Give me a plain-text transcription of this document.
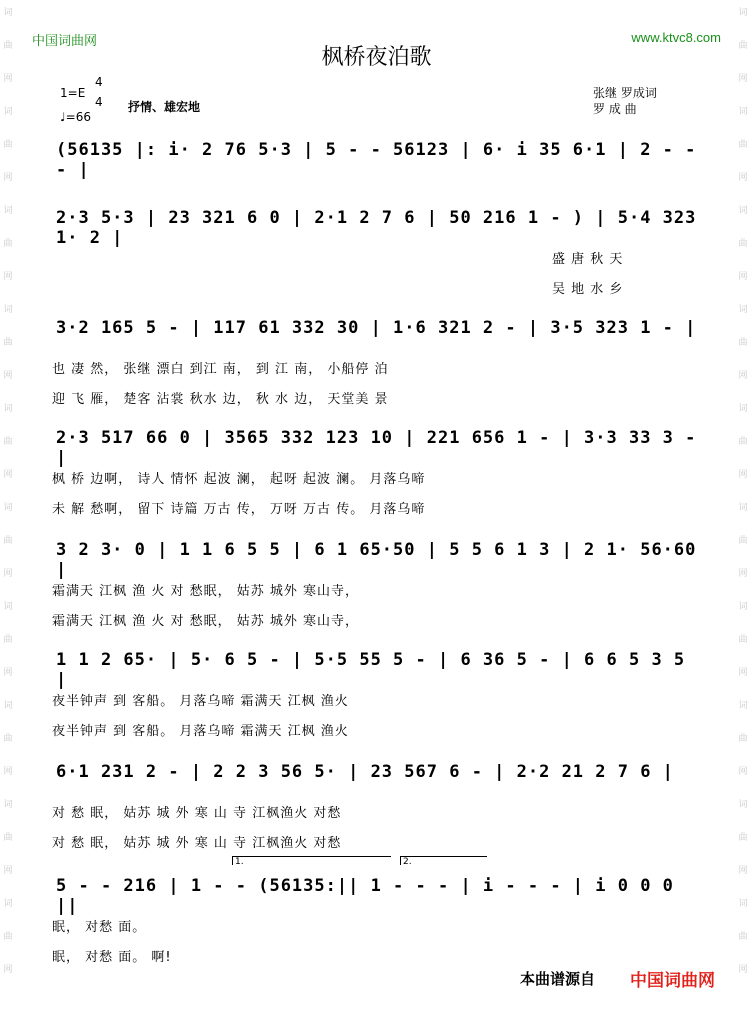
词
曲
网
词
曲
网
词
曲
网
词
曲
网
词
曲
网
词
曲
网
词
曲
网
词
曲
网
词
曲
网
词
曲
网
词
曲
网
词
曲
网
词
曲
网
词
曲
网
词
曲
网
词
曲
网
词
曲
网
词
曲
网
词
曲
网
词
曲
网
中国词曲网	www.ktvc8.com
枫桥夜泊歌
1=E
4
4
♩=66
抒情、雄宏地
张继 罗成词
罗 成 曲
(56135 |: i· 2 76 5·3 | 5 - - 56123 | 6· i 35 6·1 | 2 - - - |
2·3 5·3 | 23 321 6 0 | 2·1 2 7 6 | 50 216 1 - ) | 5·4 323 1· 2 |
盛 唐 秋 天
吴 地 水 乡
3·2 165 5 - | 117 61 332 30 | 1·6 321 2 - | 3·5 323 1 - |
也 凄 然， 张继 漂白 到江 南， 到 江 南， 小船停 泊
迎 飞 雁， 楚客 沾裳 秋水 边， 秋 水 边， 天堂美 景
2·3 517 66 0 | 3565 332 123 10 | 221 656 1 - | 3·3 33 3 - |
枫 桥 边啊， 诗人 情怀 起波 澜， 起呀 起波 澜。 月落乌啼
未 解 愁啊， 留下 诗篇 万古 传， 万呀 万古 传。 月落乌啼
3 2 3· 0 | 1 1 6 5 5 | 6 1 65·50 | 5 5 6 1 3 | 2 1· 56·60 |
霜满天 江枫 渔 火 对 愁眠， 姑苏 城外 寒山寺，
霜满天 江枫 渔 火 对 愁眠， 姑苏 城外 寒山寺，
1 1 2 65· | 5· 6 5 - | 5·5 55 5 - | 6 36 5 - | 6 6 5 3 5 |
夜半钟声 到 客船。 月落乌啼 霜满天 江枫 渔火
夜半钟声 到 客船。 月落乌啼 霜满天 江枫 渔火
6·1 231 2 - | 2 2 3 56 5· | 23 567 6 - | 2·2 21 2 7 6 |
对 愁 眠， 姑苏 城 外 寒 山 寺 江枫渔火 对愁
对 愁 眠， 姑苏 城 外 寒 山 寺 江枫渔火 对愁
5 - - 216 | 1 - - (56135:|| 1 - - - | i - - - | i 0 0 0 ||
眠， 对愁 面。
眠， 对愁 面。 啊!
1.	2.
本曲谱源自 中国词曲网
